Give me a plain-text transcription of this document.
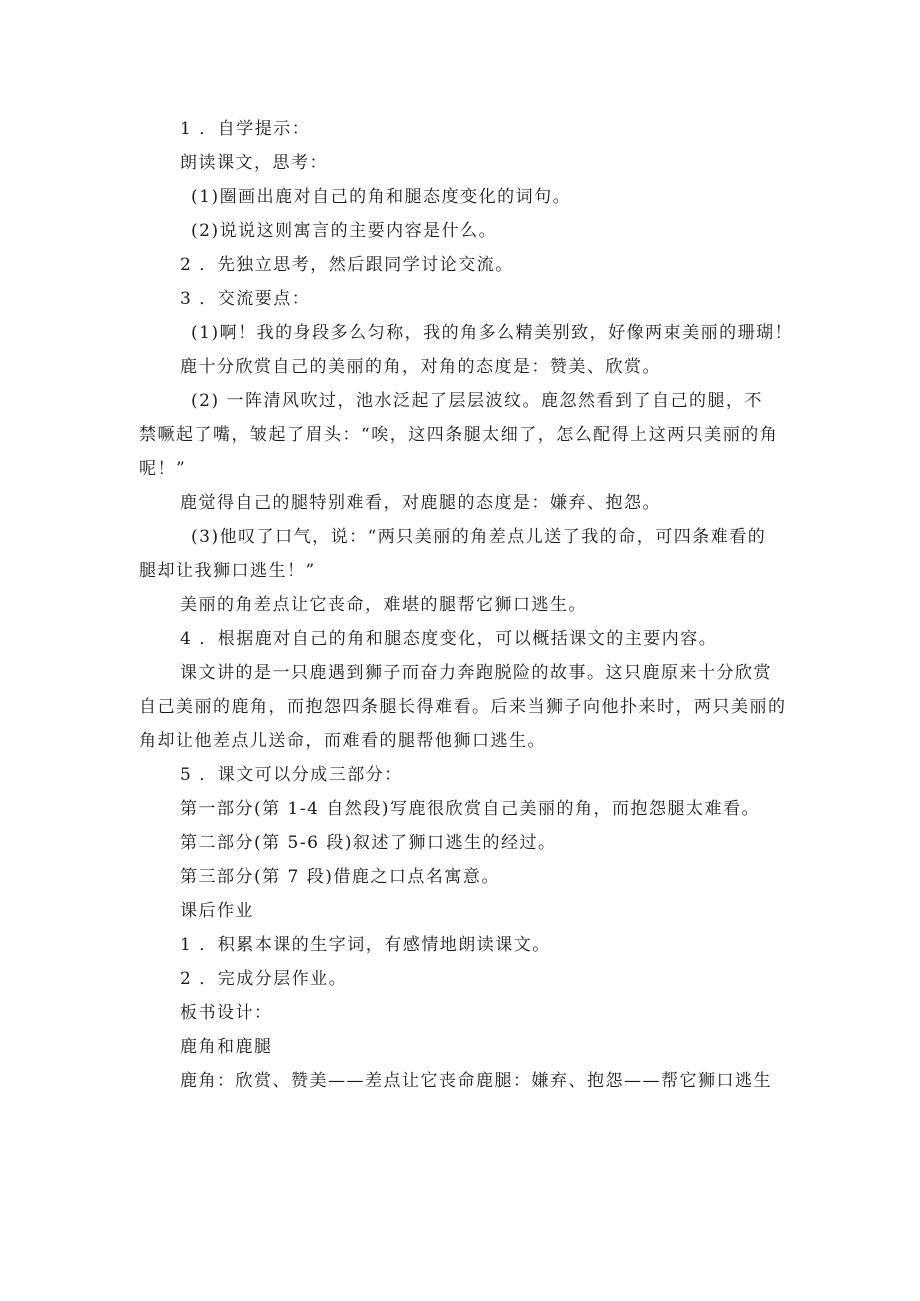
1 ．自学提示：
朗读课文，思考：
(1)圈画出鹿对自己的角和腿态度变化的词句。
(2)说说这则寓言的主要内容是什么。
2 ．先独立思考，然后跟同学讨论交流。
3 ．交流要点：
(1)啊！我的身段多么匀称，我的角多么精美别致，好像两束美丽的珊瑚！
鹿十分欣赏自己的美丽的角，对角的态度是：赞美、欣赏。
(2) 一阵清风吹过，池水泛起了层层波纹。鹿忽然看到了自己的腿，不
禁噘起了嘴，皱起了眉头：“唉，这四条腿太细了，怎么配得上这两只美丽的角
呢！”
鹿觉得自己的腿特别难看，对鹿腿的态度是：嫌弃、抱怨。
(3)他叹了口气，说：“两只美丽的角差点儿送了我的命，可四条难看的
腿却让我狮口逃生！”
美丽的角差点让它丧命，难堪的腿帮它狮口逃生。
4 ．根据鹿对自己的角和腿态度变化，可以概括课文的主要内容。
课文讲的是一只鹿遇到狮子而奋力奔跑脱险的故事。这只鹿原来十分欣赏
自己美丽的鹿角，而抱怨四条腿长得难看。后来当狮子向他扑来时，两只美丽的
角却让他差点儿送命，而难看的腿帮他狮口逃生。
5 ．课文可以分成三部分：
第一部分(第 1-4 自然段)写鹿很欣赏自己美丽的角，而抱怨腿太难看。
第二部分(第 5-6 段)叙述了狮口逃生的经过。
第三部分(第 7 段)借鹿之口点名寓意。
课后作业
1 ．积累本课的生字词，有感情地朗读课文。
2 ．完成分层作业。
板书设计：
鹿角和鹿腿
鹿角：欣赏、赞美——差点让它丧命鹿腿：嫌弃、抱怨——帮它狮口逃生
